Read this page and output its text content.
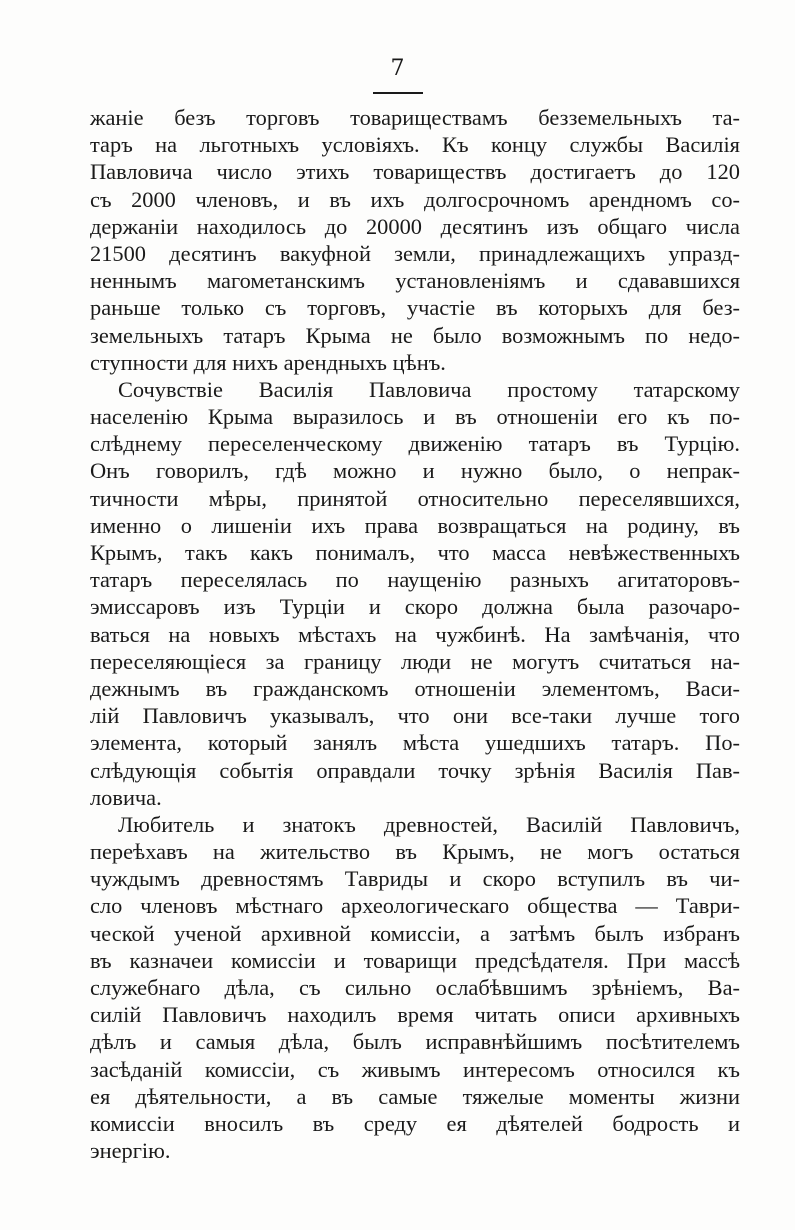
7
жаніе безъ торговъ товариществамъ безземельныхъ та-
таръ на льготныхъ условіяхъ. Къ концу службы Василія
Павловича число этихъ товариществъ достигаетъ до 120
съ 2000 членовъ, и въ ихъ долгосрочномъ арендномъ со-
держаніи находилось до 20000 десятинъ изъ общаго числа
21500 десятинъ вакуфной земли, принадлежащихъ упразд-
неннымъ магометанскимъ установленіямъ и сдававшихся
раньше только съ торговъ, участіе въ которыхъ для без-
земельныхъ татаръ Крыма не было возможнымъ по недо-
ступности для нихъ арендныхъ цѣнъ.
Сочувствіе Василія Павловича простому татарскому
населенію Крыма выразилось и въ отношеніи его къ по-
слѣднему переселенческому движенію татаръ въ Турцію.
Онъ говорилъ, гдѣ можно и нужно было, о непрак-
тичности мѣры, принятой относительно переселявшихся,
именно о лишеніи ихъ права возвращаться на родину, въ
Крымъ, такъ какъ понималъ, что масса невѣжественныхъ
татаръ переселялась по наущенію разныхъ агитаторовъ-
эмиссаровъ изъ Турціи и скоро должна была разочаро-
ваться на новыхъ мѣстахъ на чужбинѣ. На замѣчанія, что
переселяющіеся за границу люди не могутъ считаться на-
дежнымъ въ гражданскомъ отношеніи элементомъ, Васи-
лій Павловичъ указывалъ, что они все-таки лучше того
элемента, который занялъ мѣста ушедшихъ татаръ. По-
слѣдующія событія оправдали точку зрѣнія Василія Пав-
ловича.
Любитель и знатокъ древностей, Василій Павловичъ,
переѣхавъ на жительство въ Крымъ, не могъ остаться
чуждымъ древностямъ Тавриды и скоро вступилъ въ чи-
сло членовъ мѣстнаго археологическаго общества — Таври-
ческой ученой архивной комиссіи, а затѣмъ былъ избранъ
въ казначеи комиссіи и товарищи предсѣдателя. При массѣ
служебнаго дѣла, съ сильно ослабѣвшимъ зрѣніемъ, Ва-
силій Павловичъ находилъ время читать описи архивныхъ
дѣлъ и самыя дѣла, былъ исправнѣйшимъ посѣтителемъ
засѣданій комиссіи, съ живымъ интересомъ относился къ
ея дѣятельности, а въ самые тяжелые моменты жизни
комиссіи вносилъ въ среду ея дѣятелей бодрость и
энергію.
